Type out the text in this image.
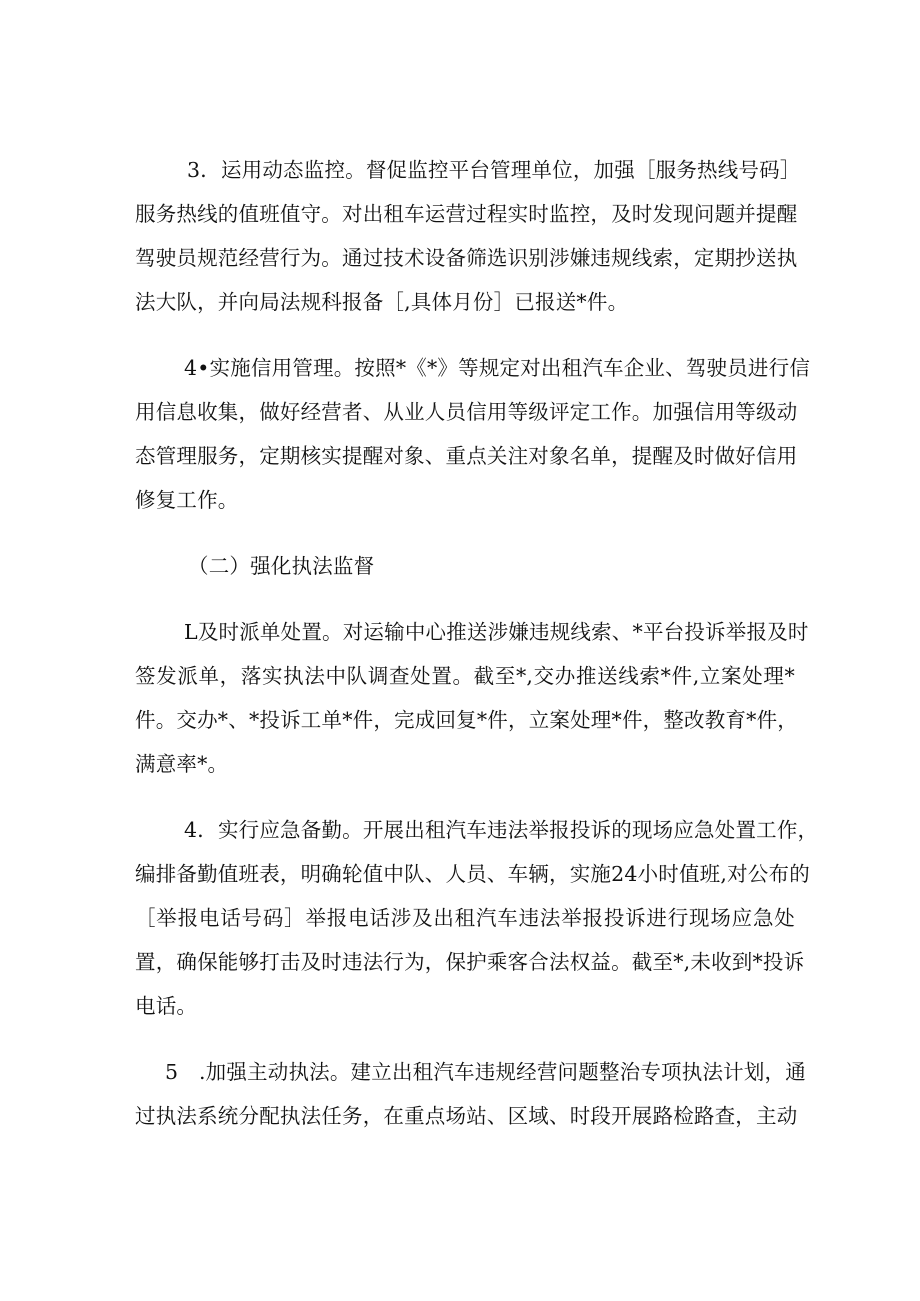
3．运用动态监控。督促监控平台管理单位，加强［服务热线号码］
服务热线的值班值守。对出租车运营过程实时监控，及时发现问题并提醒
驾驶员规范经营行为。通过技术设备筛选识别涉嫌违规线索，定期抄送执
法大队，并向局法规科报备［,具体月份］已报送*件。
4•实施信用管理。按照*《*》等规定对出租汽车企业、驾驶员进行信
用信息收集，做好经营者、从业人员信用等级评定工作。加强信用等级动
态管理服务，定期核实提醒对象、重点关注对象名单，提醒及时做好信用
修复工作。
（二）强化执法监督
L及时派单处置。对运输中心推送涉嫌违规线索、*平台投诉举报及时
签发派单，落实执法中队调查处置。截至*,交办推送线索*件,立案处理*
件。交办*、*投诉工单*件，完成回复*件，立案处理*件，整改教育*件，
满意率*。
4．实行应急备勤。开展出租汽车违法举报投诉的现场应急处置工作，
编排备勤值班表，明确轮值中队、人员、车辆，实施24小时值班,对公布的
［举报电话号码］举报电话涉及出租汽车违法举报投诉进行现场应急处
置，确保能够打击及时违法行为，保护乘客合法权益。截至*,未收到*投诉
电话。
5　.加强主动执法。建立出租汽车违规经营问题整治专项执法计划，通
过执法系统分配执法任务，在重点场站、区域、时段开展路检路查，主动
